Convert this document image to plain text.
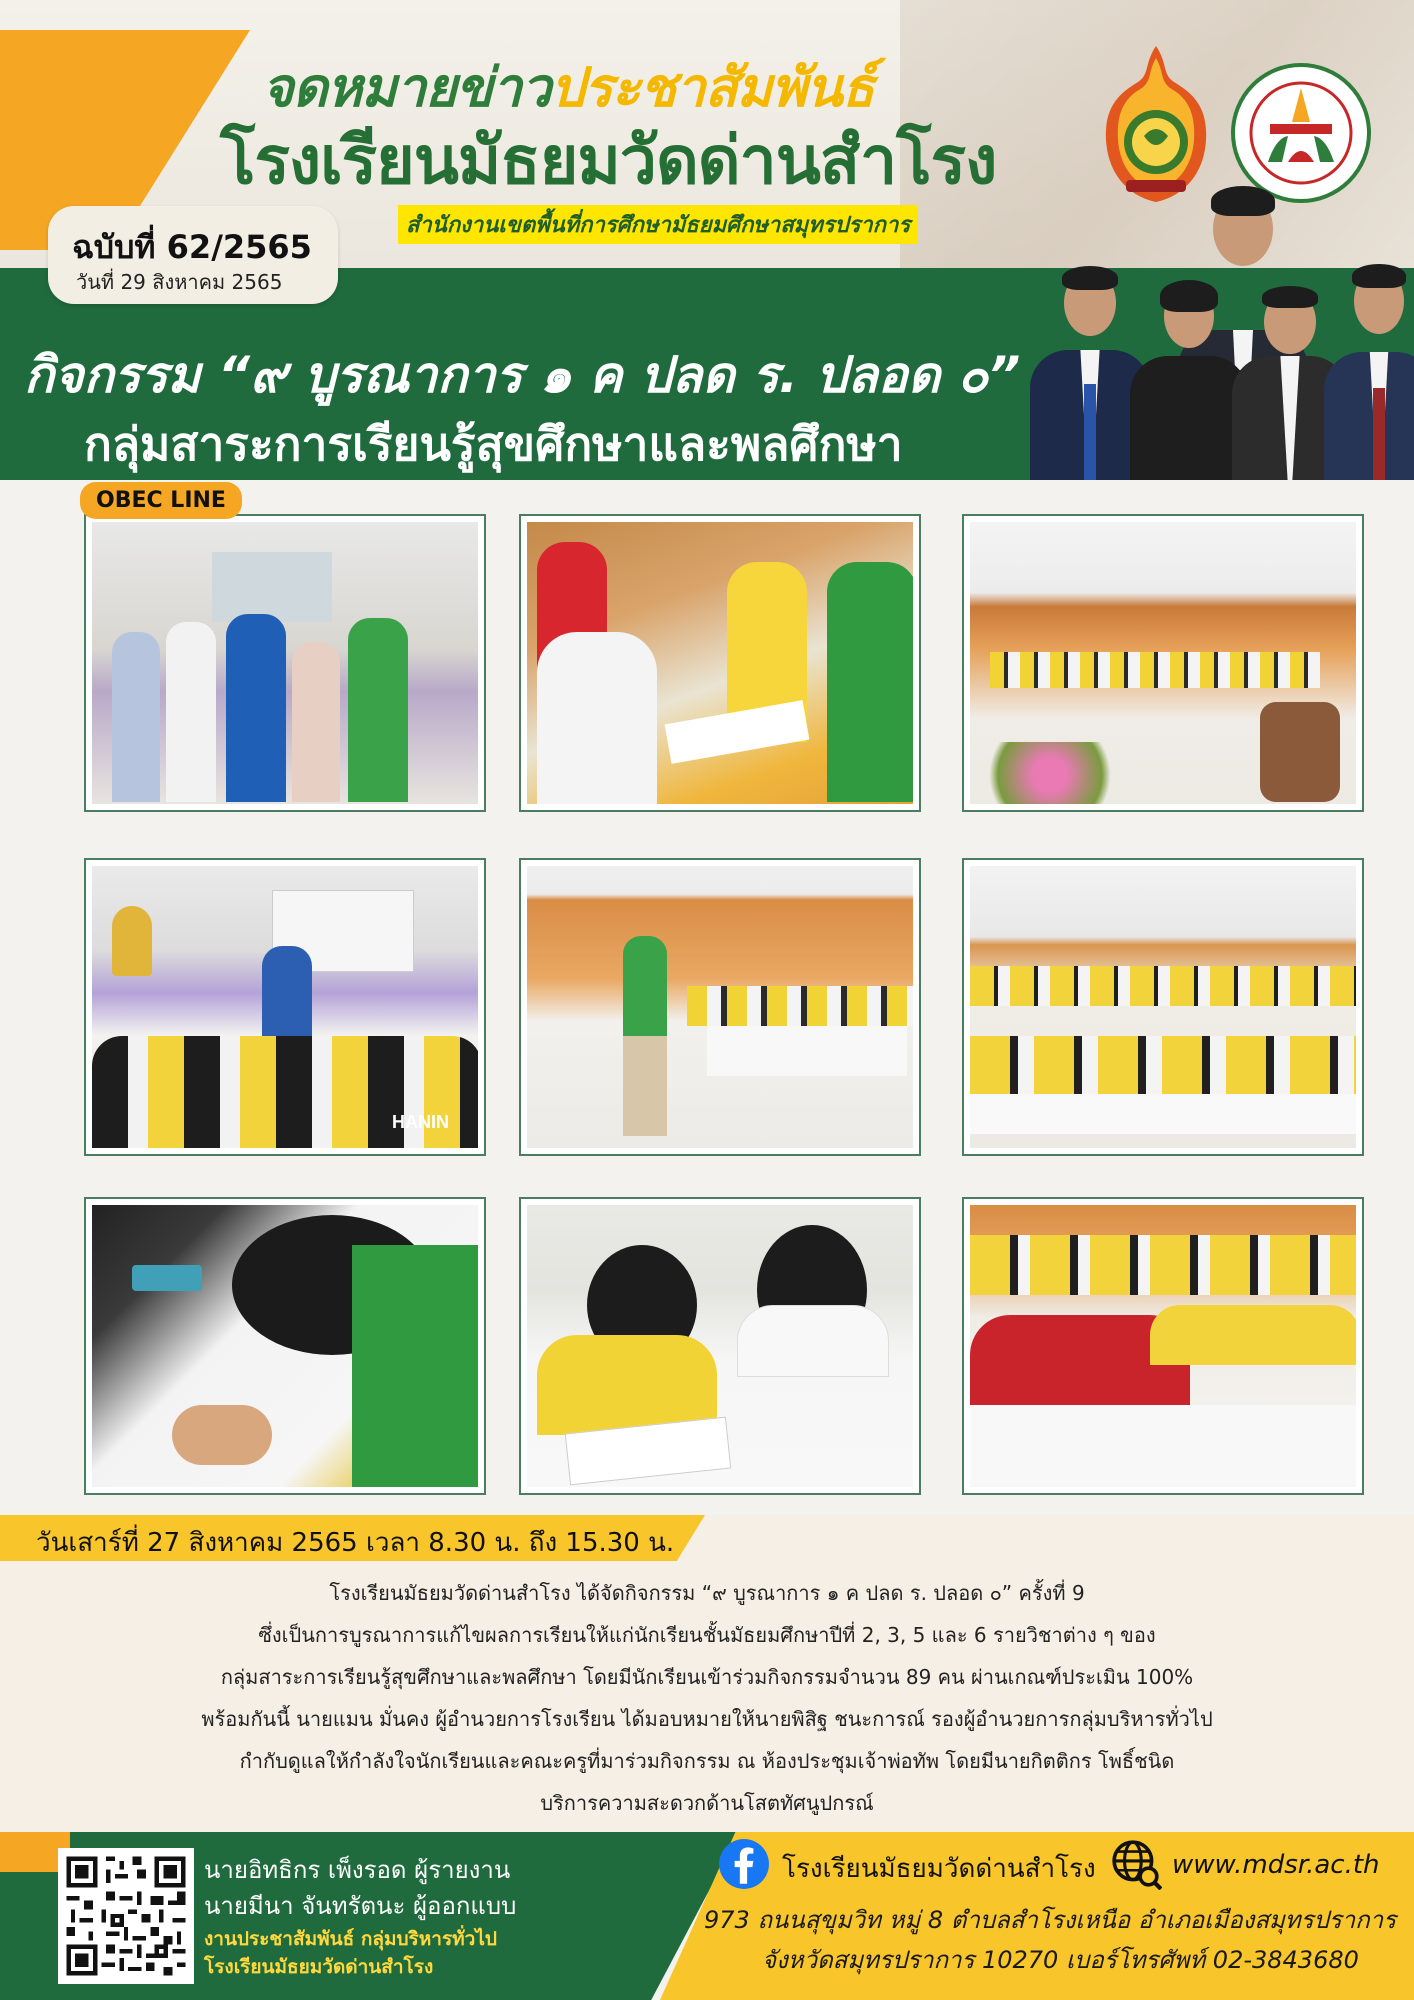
จดหมายข่าวประชาสัมพันธ์
โรงเรียนมัธยมวัดด่านสำโรง
สำนักงานเขตพื้นที่การศึกษามัธยมศึกษาสมุทรปราการ
ฉบับที่ 62/2565
วันที่ 29 สิงหาคม 2565
กิจกรรม “๙ บูรณาการ ๑ ค ปลด ร. ปลอด ๐”
กลุ่มสาระการเรียนรู้สุขศึกษาและพลศึกษา
HANIN
OBEC LINE
วันเสาร์ที่ 27 สิงหาคม 2565 เวลา 8.30 น. ถึง 15.30 น.
โรงเรียนมัธยมวัดด่านสำโรง ได้จัดกิจกรรม “๙ บูรณาการ ๑ ค ปลด ร. ปลอด ๐” ครั้งที่ 9
ซึ่งเป็นการบูรณาการแก้ไขผลการเรียนให้แก่นักเรียนชั้นมัธยมศึกษาปีที่ 2, 3, 5 และ 6 รายวิชาต่าง ๆ ของ
กลุ่มสาระการเรียนรู้สุขศึกษาและพลศึกษา โดยมีนักเรียนเข้าร่วมกิจกรรมจำนวน 89 คน ผ่านเกณฑ์ประเมิน 100%
พร้อมกันนี้ นายแมน มั่นคง ผู้อำนวยการโรงเรียน ได้มอบหมายให้นายพิสิฐ ชนะการณ์ รองผู้อำนวยการกลุ่มบริหารทั่วไป
กำกับดูแลให้กำลังใจนักเรียนและคณะครูที่มาร่วมกิจกรรม ณ ห้องประชุมเจ้าพ่อทัพ โดยมีนายกิตติกร โพธิ์ชนิด
บริการความสะดวกด้านโสตทัศนูปกรณ์
นายอิทธิกร เพ็งรอด ผู้รายงาน
นายมีนา จันทรัตนะ ผู้ออกแบบ
งานประชาสัมพันธ์ กลุ่มบริหารทั่วไป
โรงเรียนมัธยมวัดด่านสำโรง
โรงเรียนมัธยมวัดด่านสำโรง	www.mdsr.ac.th
973 ถนนสุขุมวิท หมู่ 8 ตำบลสำโรงเหนือ อำเภอเมืองสมุทรปราการ
จังหวัดสมุทรปราการ 10270 เบอร์โทรศัพท์ 02-3843680
